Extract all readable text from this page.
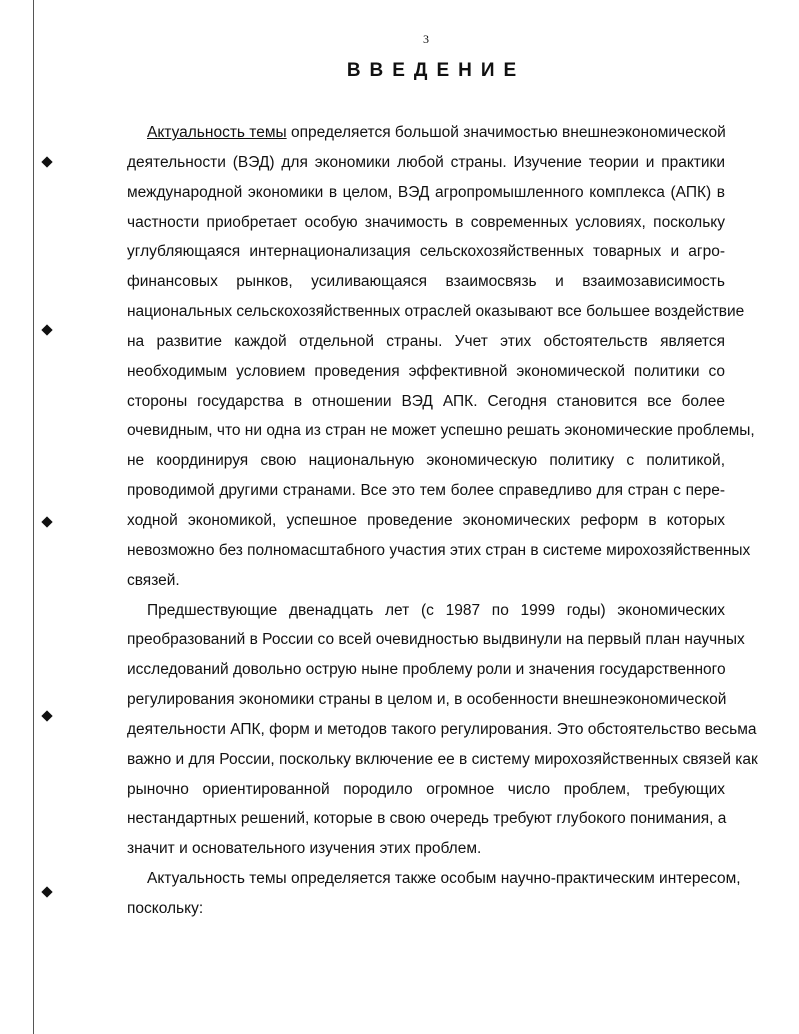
3
ВВЕДЕНИЕ

Актуальность темы определяется большой значимостью внешнеэкономической
деятельности (ВЭД) для экономики любой страны. Изучение теории и практики
международной экономики в целом, ВЭД агропромышленного комплекса (АПК) в
частности приобретает особую значимость в современных условиях, поскольку
углубляющаяся интернационализация сельскохозяйственных товарных и агро-
финансовых рынков, усиливающаяся взаимосвязь и взаимозависимость
национальных сельскохозяйственных отраслей оказывают все большее воздействие
на развитие каждой отдельной страны. Учет этих обстоятельств является
необходимым условием проведения эффективной экономической политики со
стороны государства в отношении ВЭД АПК. Сегодня становится все более
очевидным, что ни одна из стран не может успешно решать экономические проблемы,
не координируя свою национальную экономическую политику с политикой,
проводимой другими странами. Все это тем более справедливо для стран с пере-
ходной экономикой, успешное проведение экономических реформ в которых
невозможно без полномасштабного участия этих стран в системе мирохозяйственных
связей.

Предшествующие двенадцать лет (с 1987 по 1999 годы) экономических
преобразований в России со всей очевидностью выдвинули на первый план научных
исследований довольно острую ныне проблему роли и значения государственного
регулирования экономики страны в целом и, в особенности внешнеэкономической
деятельности АПК, форм и методов такого регулирования. Это обстоятельство весьма
важно и для России, поскольку включение ее в систему мирохозяйственных связей как
рыночно ориентированной породило огромное число проблем, требующих
нестандартных решений, которые в свою очередь требуют глубокого понимания, а
значит и основательного изучения этих проблем.

Актуальность темы определяется также особым научно-практическим интересом,
поскольку:
